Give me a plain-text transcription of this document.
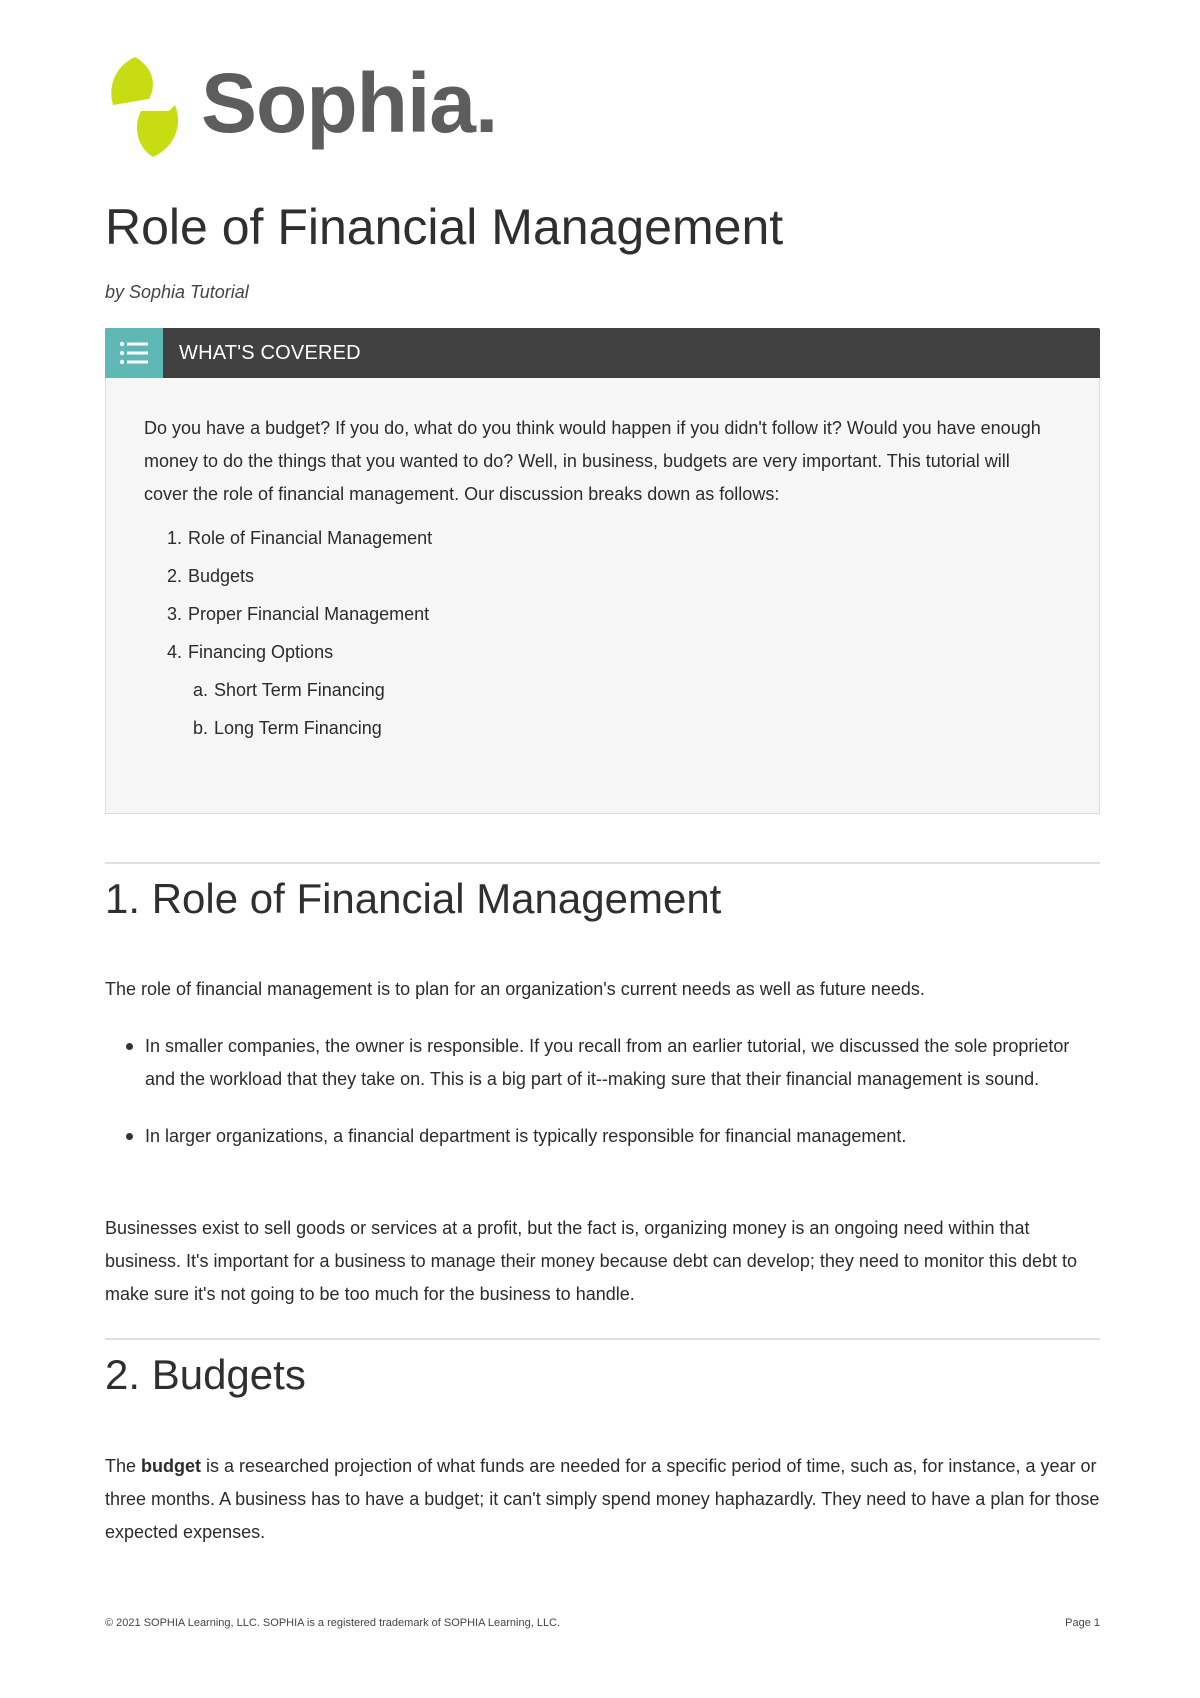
Sophia.
Role of Financial Management
by Sophia Tutorial
WHAT'S COVERED

Do you have a budget? If you do, what do you think would happen if you didn't follow it? Would you have enough money to do the things that you wanted to do? Well, in business, budgets are very important. This tutorial will cover the role of financial management. Our discussion breaks down as follows:

1. Role of Financial Management
2. Budgets
3. Proper Financial Management
4. Financing Options
a. Short Term Financing
b. Long Term Financing
1. Role of Financial Management

The role of financial management is to plan for an organization's current needs as well as future needs.

In smaller companies, the owner is responsible. If you recall from an earlier tutorial, we discussed the sole proprietor and the workload that they take on. This is a big part of it--making sure that their financial management is sound.
In larger organizations, a financial department is typically responsible for financial management.

Businesses exist to sell goods or services at a profit, but the fact is, organizing money is an ongoing need within that business. It's important for a business to manage their money because debt can develop; they need to monitor this debt to make sure it's not going to be too much for the business to handle.

2. Budgets

The budget is a researched projection of what funds are needed for a specific period of time, such as, for instance, a year or three months. A business has to have a budget; it can't simply spend money haphazardly. They need to have a plan for those expected expenses.

© 2021 SOPHIA Learning, LLC. SOPHIA is a registered trademark of SOPHIA Learning, LLC.	Page 1
